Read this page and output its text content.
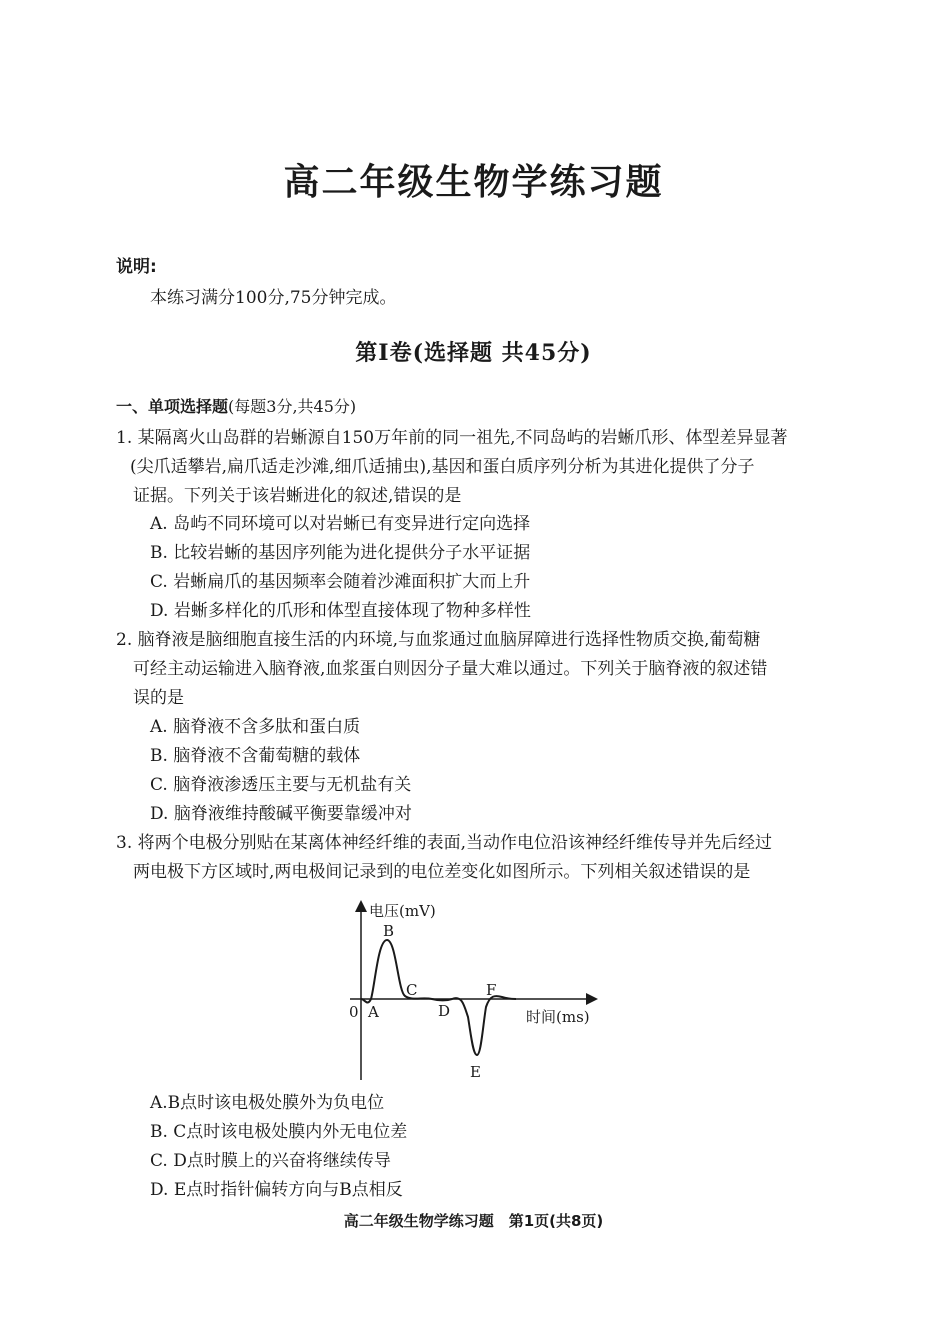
高二年级生物学练习题
说明:
本练习满分100分,75分钟完成。
第Ⅰ卷(选择题 共45分)
一、单项选择题(每题3分,共45分)
1. 某隔离火山岛群的岩蜥源自150万年前的同一祖先,不同岛屿的岩蜥爪形、体型差异显著
(尖爪适攀岩,扁爪适走沙滩,细爪适捕虫),基因和蛋白质序列分析为其进化提供了分子
证据。下列关于该岩蜥进化的叙述,错误的是
A. 岛屿不同环境可以对岩蜥已有变异进行定向选择
B. 比较岩蜥的基因序列能为进化提供分子水平证据
C. 岩蜥扁爪的基因频率会随着沙滩面积扩大而上升
D. 岩蜥多样化的爪形和体型直接体现了物种多样性
2. 脑脊液是脑细胞直接生活的内环境,与血浆通过血脑屏障进行选择性物质交换,葡萄糖
可经主动运输进入脑脊液,血浆蛋白则因分子量大难以通过。下列关于脑脊液的叙述错
误的是
A. 脑脊液不含多肽和蛋白质
B. 脑脊液不含葡萄糖的载体
C. 脑脊液渗透压主要与无机盐有关
D. 脑脊液维持酸碱平衡要靠缓冲对
3. 将两个电极分别贴在某离体神经纤维的表面,当动作电位沿该神经纤维传导并先后经过
两电极下方区域时,两电极间记录到的电位差变化如图所示。下列相关叙述错误的是
电压(mV)
时间(ms)
0 A
B
C
D
E
F
A.B点时该电极处膜外为负电位
B. C点时该电极处膜内外无电位差
C. D点时膜上的兴奋将继续传导
D. E点时指针偏转方向与B点相反
高二年级生物学练习题　第1页(共8页)
